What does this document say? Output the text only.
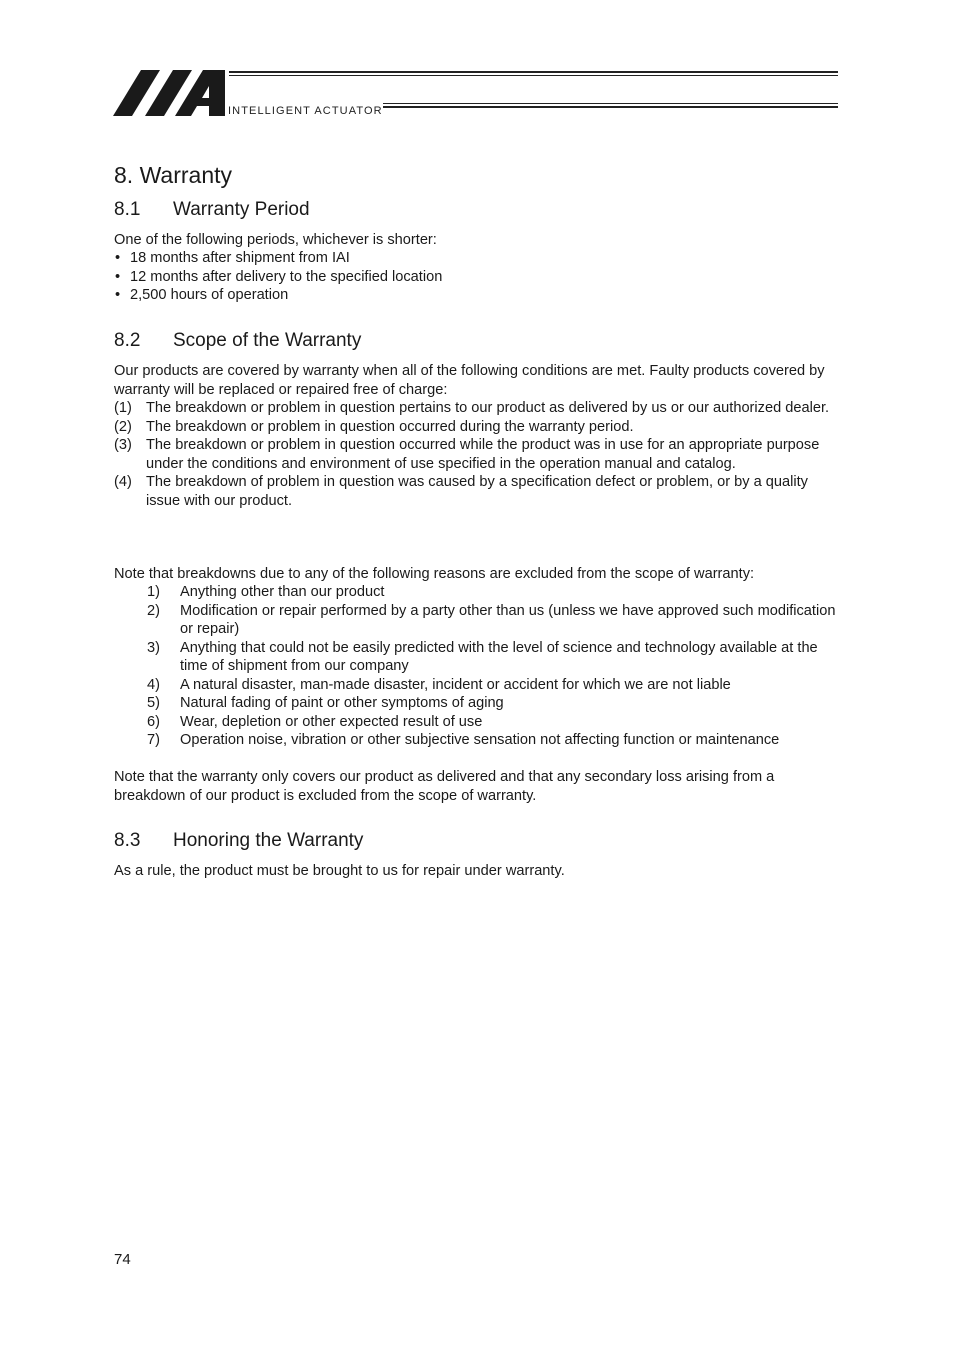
INTELLIGENT ACTUATOR
8. Warranty
8.1 Warranty Period

One of the following periods, whichever is shorter:

• 18 months after shipment from IAI
• 12 months after delivery to the specified location
• 2,500 hours of operation
8.2 Scope of the Warranty

Our products are covered by warranty when all of the following conditions are met. Faulty products covered by warranty will be replaced or repaired free of charge:

(1) The breakdown or problem in question pertains to our product as delivered by us or our authorized dealer.
(2) The breakdown or problem in question occurred during the warranty period.
(3) The breakdown or problem in question occurred while the product was in use for an appropriate purpose under the conditions and environment of use specified in the operation manual and catalog.
(4) The breakdown of problem in question was caused by a specification defect or problem, or by a quality issue with our product.

Note that breakdowns due to any of the following reasons are excluded from the scope of warranty:

1) Anything other than our product
2) Modification or repair performed by a party other than us (unless we have approved such modification or repair)
3) Anything that could not be easily predicted with the level of science and technology available at the time of shipment from our company
4) A natural disaster, man-made disaster, incident or accident for which we are not liable
5) Natural fading of paint or other symptoms of aging
6) Wear, depletion or other expected result of use
7) Operation noise, vibration or other subjective sensation not affecting function or maintenance

Note that the warranty only covers our product as delivered and that any secondary loss arising from a breakdown of our product is excluded from the scope of warranty.

8.3 Honoring the Warranty

As a rule, the product must be brought to us for repair under warranty.

74
